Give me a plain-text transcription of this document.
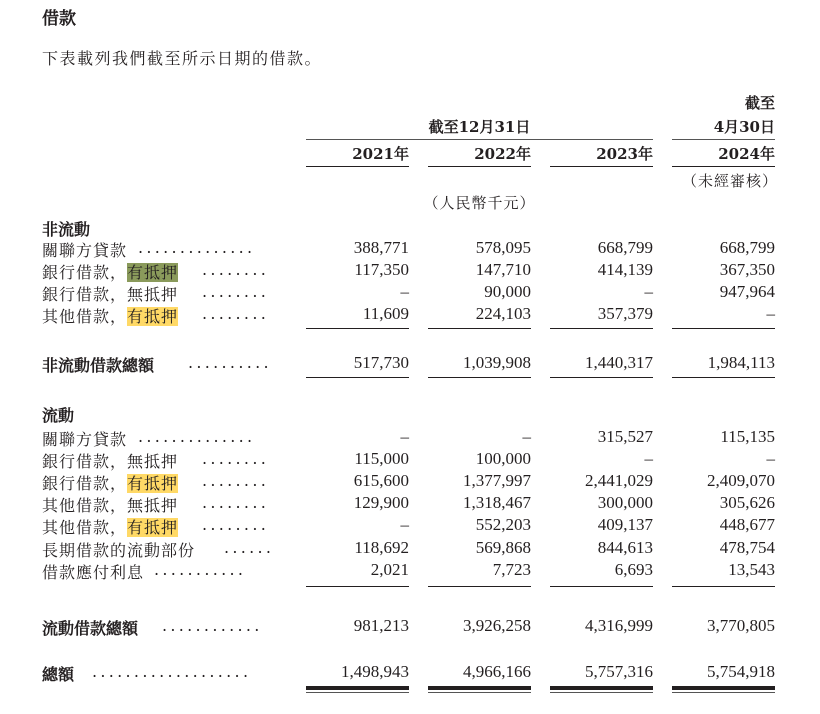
借款
下表載列我們截至所示日期的借款。
截至
截至12月31日	4月30日
2021年	2022年	2023年	2024年
（未經審核）
（人民幣千元）
非流動
關聯方貸款 ..............	388,771	578,095	668,799	668,799
銀行借款，有抵押 ........	117,350	147,710	414,139	367,350
銀行借款，無抵押 ........	–	90,000	–	947,964
其他借款，有抵押 ........	11,609	224,103	357,379	–
非流動借款總額 ..........	517,730	1,039,908	1,440,317	1,984,113
流動
關聯方貸款 ..............	–	–	315,527	115,135
銀行借款，無抵押 ........	115,000	100,000	–	–
銀行借款，有抵押 ........	615,600	1,377,997	2,441,029	2,409,070
其他借款，無抵押 ........	129,900	1,318,467	300,000	305,626
其他借款，有抵押 ........	–	552,203	409,137	448,677
長期借款的流動部份 ......	118,692	569,868	844,613	478,754
借款應付利息 ...........	2,021	7,723	6,693	13,543
流動借款總額 ............	981,213	3,926,258	4,316,999	3,770,805
總額 ...................	1,498,943	4,966,166	5,757,316	5,754,918
